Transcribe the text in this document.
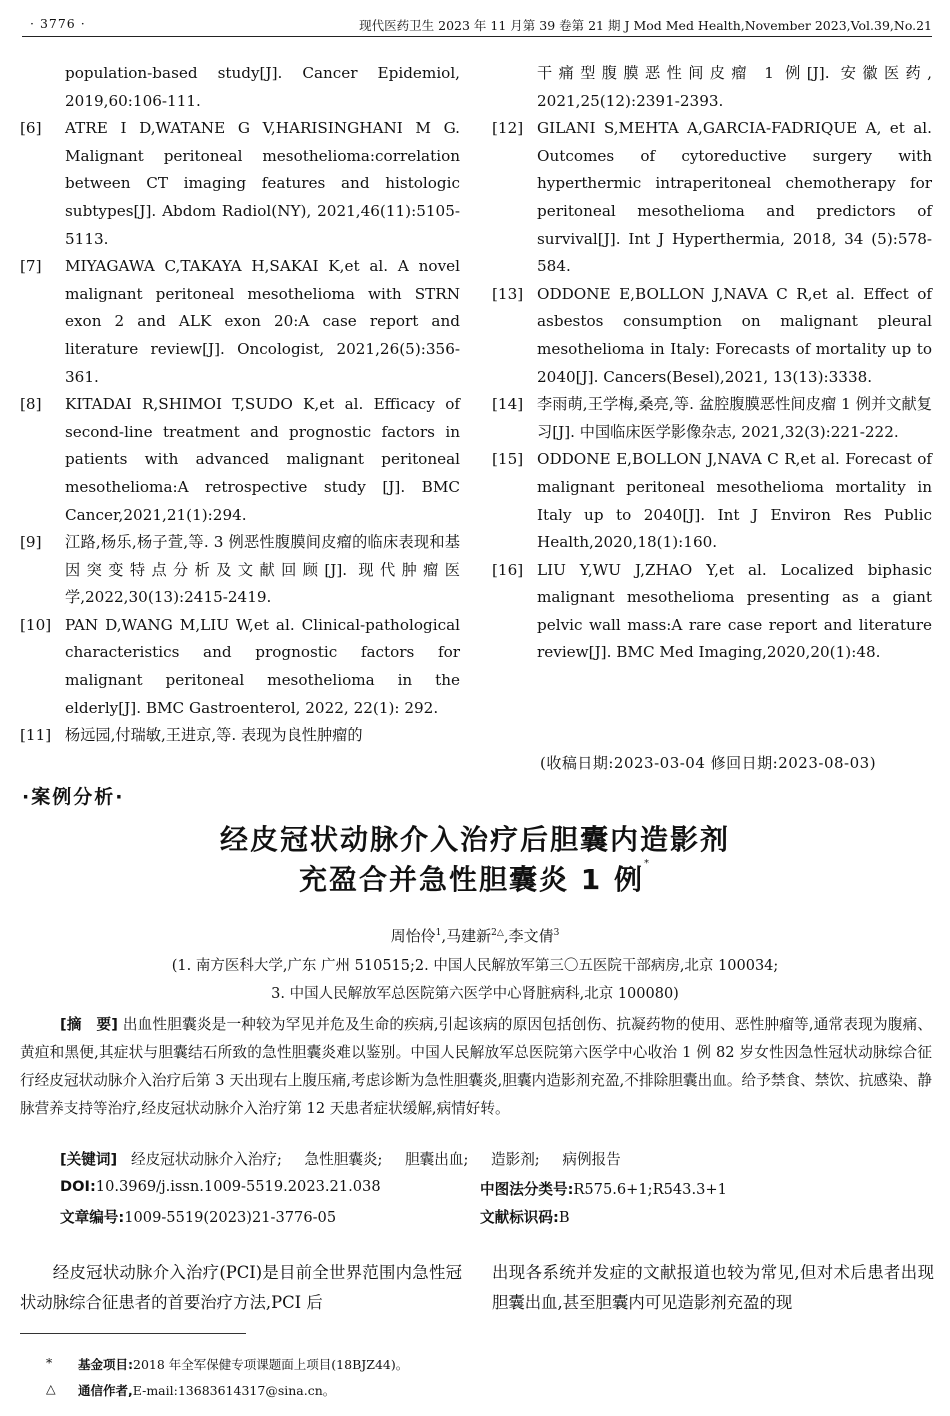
· 3776 ·	现代医药卫生 2023 年 11 月第 39 卷第 21 期 J Mod Med Health,November 2023,Vol.39,No.21
population-based study[J]. Cancer Epidemiol, 2019,60:106-111.
[6] ATRE I D,WATANE G V,HARISINGHANI M G. Malignant peritoneal mesothelioma:correlation between CT imaging features and histologic subtypes[J]. Abdom Radiol(NY), 2021,46(11):5105-5113.
[7] MIYAGAWA C,TAKAYA H,SAKAI K,et al. A novel malignant peritoneal mesothelioma with STRN exon 2 and ALK exon 20:A case report and literature review[J]. Oncologist, 2021,26(5):356-361.
[8] KITADAI R,SHIMOI T,SUDO K,et al. Efficacy of second-line treatment and prognostic factors in patients with advanced malignant peritoneal mesothelioma:A retrospective study [J]. BMC Cancer,2021,21(1):294.
[9] 江路,杨乐,杨子萱,等. 3 例恶性腹膜间皮瘤的临床表现和基因突变特点分析及文献回顾[J]. 现代肿瘤医学,2022,30(13):2415-2419.
[10] PAN D,WANG M,LIU W,et al. Clinical-pathological characteristics and prognostic factors for malignant peritoneal mesothelioma in the elderly[J]. BMC Gastroenterol, 2022, 22(1): 292.
[11] 杨远园,付瑞敏,王进京,等. 表现为良性肿瘤的
干痛型腹膜恶性间皮瘤 1 例[J]. 安徽医药, 2021,25(12):2391-2393.
[12] GILANI S,MEHTA A,GARCIA-FADRIQUE A, et al. Outcomes of cytoreductive surgery with hyperthermic intraperitoneal chemotherapy for peritoneal mesothelioma and predictors of survival[J]. Int J Hyperthermia, 2018, 34 (5):578-584.
[13] ODDONE E,BOLLON J,NAVA C R,et al. Effect of asbestos consumption on malignant pleural mesothelioma in Italy: Forecasts of mortality up to 2040[J]. Cancers(Besel),2021, 13(13):3338.
[14] 李雨萌,王学梅,桑亮,等. 盆腔腹膜恶性间皮瘤 1 例并文献复习[J]. 中国临床医学影像杂志, 2021,32(3):221-222.
[15] ODDONE E,BOLLON J,NAVA C R,et al. Forecast of malignant peritoneal mesothelioma mortality in Italy up to 2040[J]. Int J Environ Res Public Health,2020,18(1):160.
[16] LIU Y,WU J,ZHAO Y,et al. Localized biphasic malignant mesothelioma presenting as a giant pelvic wall mass:A rare case report and literature review[J]. BMC Med Imaging,2020,20(1):48.
(收稿日期:2023-03-04 修回日期:2023-08-03)
·案例分析·
经皮冠状动脉介入治疗后胆囊内造影剂
充盈合并急性胆囊炎 1 例*
周怡伶$^1$,马建新$^{2\triangle}$,李文倩$^3$
(1. 南方医科大学,广东 广州 510515;2. 中国人民解放军第三〇五医院干部病房,北京 100034;
3. 中国人民解放军总医院第六医学中心肾脏病科,北京 100080)
[摘　要] 出血性胆囊炎是一种较为罕见并危及生命的疾病,引起该病的原因包括创伤、抗凝药物的使用、恶性肿瘤等,通常表现为腹痛、黄疸和黑便,其症状与胆囊结石所致的急性胆囊炎难以鉴别。中国人民解放军总医院第六医学中心收治 1 例 82 岁女性因急性冠状动脉综合征行经皮冠状动脉介入治疗后第 3 天出现右上腹压痛,考虑诊断为急性胆囊炎,胆囊内造影剂充盈,不排除胆囊出血。给予禁食、禁饮、抗感染、静脉营养支持等治疗,经皮冠状动脉介入治疗第 12 天患者症状缓解,病情好转。
[关键词] 经皮冠状动脉介入治疗; 急性胆囊炎; 胆囊出血; 造影剂; 病例报告
DOI:10.3969/j.issn.1009-5519.2023.21.038	中图法分类号:R575.6+1;R543.3+1
文章编号:1009-5519(2023)21-3776-05	文献标识码:B
经皮冠状动脉介入治疗(PCI)是目前全世界范围内急性冠状动脉综合征患者的首要治疗方法,PCI 后
出现各系统并发症的文献报道也较为常见,但对术后患者出现胆囊出血,甚至胆囊内可见造影剂充盈的现
*	基金项目:2018 年全军保健专项课题面上项目(18BJZ44)。
△	通信作者,E-mail:13683614317@sina.cn。
